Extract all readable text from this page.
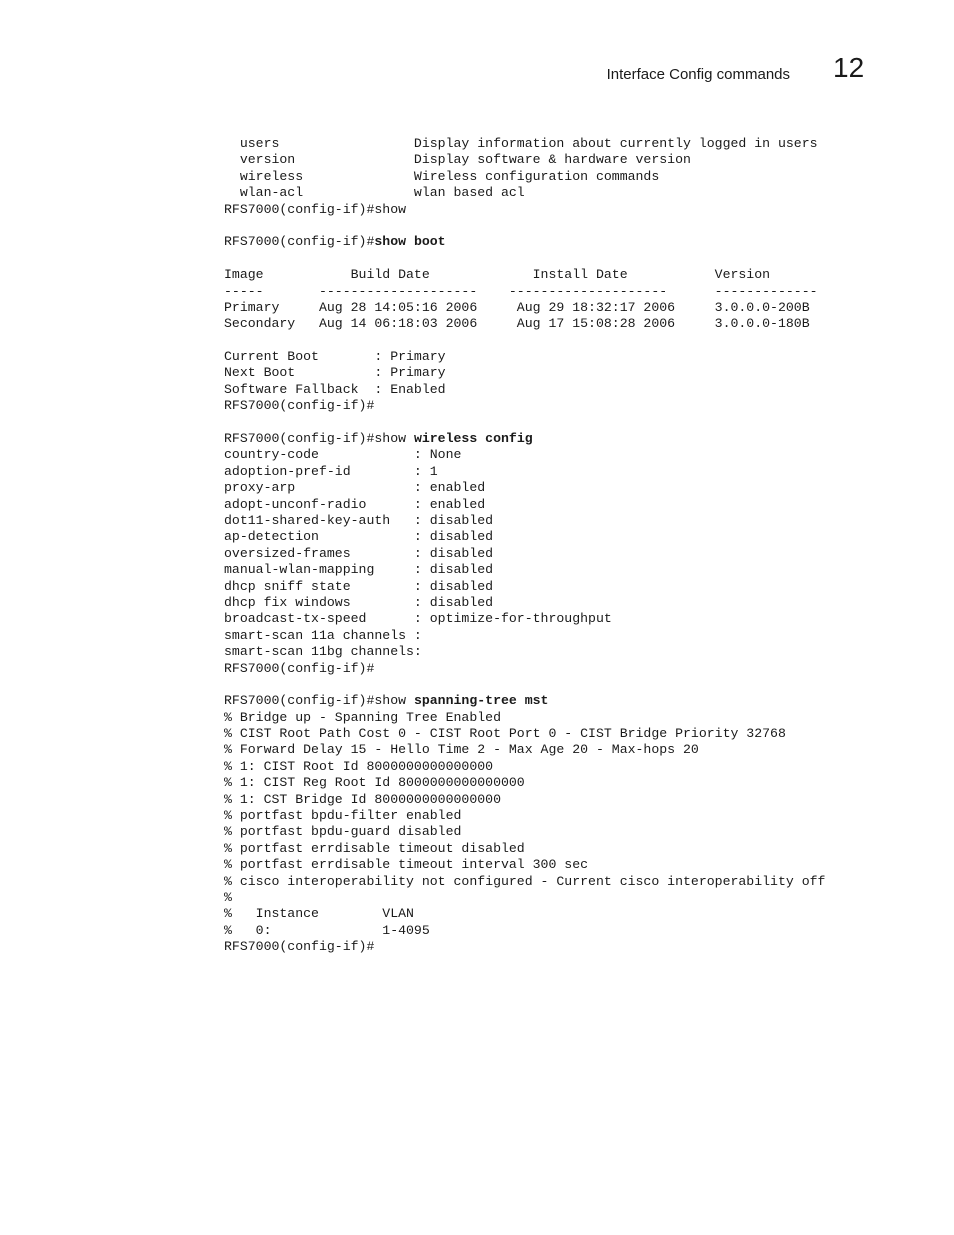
Interface Config commands 12
users                 Display information about currently logged in users
version               Display software & hardware version
wireless              Wireless configuration commands
wlan-acl              wlan based acl
RFS7000(config-if)#show
RFS7000(config-if)#show boot
Image           Build Date             Install Date           Version
-----       --------------------    --------------------      -------------
Primary     Aug 28 14:05:16 2006     Aug 29 18:32:17 2006     3.0.0.0-200B
Secondary   Aug 14 06:18:03 2006     Aug 17 15:08:28 2006     3.0.0.0-180B
Current Boot       : Primary
Next Boot          : Primary
Software Fallback  : Enabled
RFS7000(config-if)#
RFS7000(config-if)#show wireless config
country-code            : None
adoption-pref-id        : 1
proxy-arp               : enabled
adopt-unconf-radio      : enabled
dot11-shared-key-auth   : disabled
ap-detection            : disabled
oversized-frames        : disabled
manual-wlan-mapping     : disabled
dhcp sniff state        : disabled
dhcp fix windows        : disabled
broadcast-tx-speed      : optimize-for-throughput
smart-scan 11a channels :
smart-scan 11bg channels:
RFS7000(config-if)#
RFS7000(config-if)#show spanning-tree mst
% Bridge up - Spanning Tree Enabled
% CIST Root Path Cost 0 - CIST Root Port 0 - CIST Bridge Priority 32768
% Forward Delay 15 - Hello Time 2 - Max Age 20 - Max-hops 20
% 1: CIST Root Id 8000000000000000
% 1: CIST Reg Root Id 8000000000000000
% 1: CST Bridge Id 8000000000000000
% portfast bpdu-filter enabled
% portfast bpdu-guard disabled
% portfast errdisable timeout disabled
% portfast errdisable timeout interval 300 sec
% cisco interoperability not configured - Current cisco interoperability off
%
%   Instance        VLAN
%   0:              1-4095
RFS7000(config-if)#
